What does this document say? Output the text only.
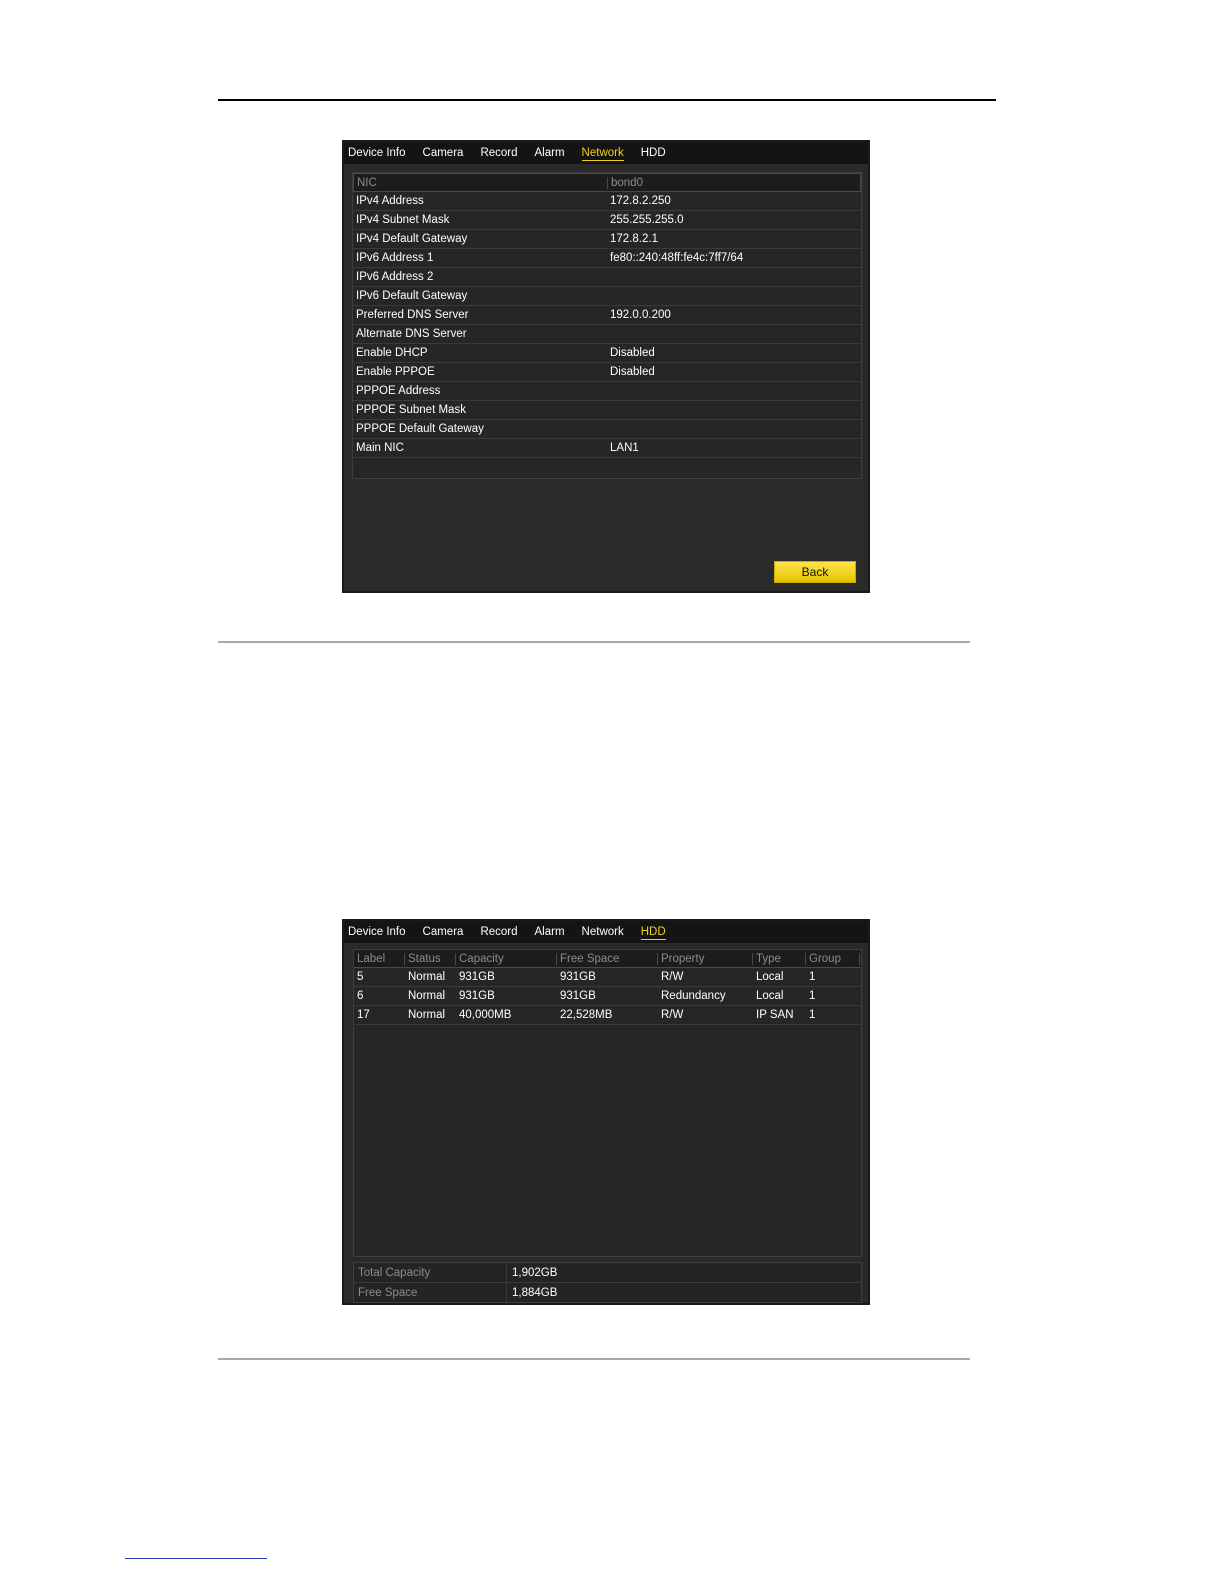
Device Info Camera Record Alarm Network HDD
NIC	bond0
IPv4 Address	172.8.2.250
IPv4 Subnet Mask	255.255.255.0
IPv4 Default Gateway	172.8.2.1
IPv6 Address 1	fe80::240:48ff:fe4c:7ff7/64
IPv6 Address 2
IPv6 Default Gateway
Preferred DNS Server	192.0.0.200
Alternate DNS Server
Enable DHCP	Disabled
Enable PPPOE	Disabled
PPPOE Address
PPPOE Subnet Mask
PPPOE Default Gateway
Main NIC	LAN1
Back
Device Info Camera Record Alarm Network HDD
Label	Status	Capacity	Free Space	Property	Type	Group
5	Normal	931GB	931GB	R/W	Local	1
6	Normal	931GB	931GB	Redundancy	Local	1
17	Normal	40,000MB	22,528MB	R/W	IP SAN	1
Total Capacity	1,902GB
Free Space	1,884GB
